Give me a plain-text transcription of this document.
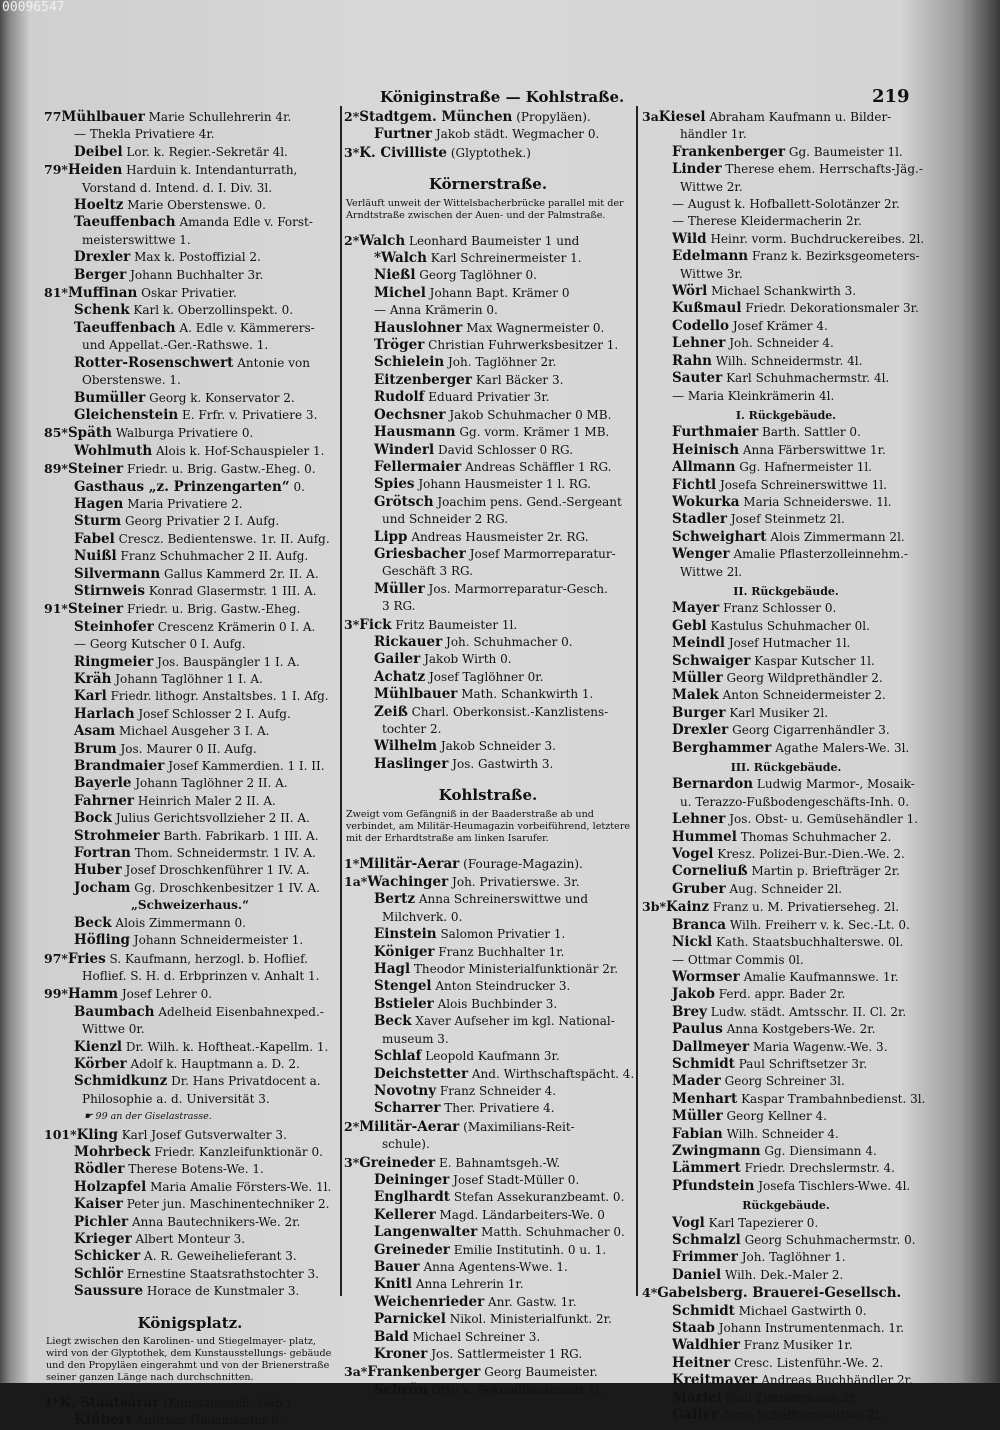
00096547
Königinstraße — Kohlstraße.	219
77Mühlbauer Marie Schullehrerin 4r.
— Thekla Privatiere 4r.
Deibel Lor. k. Regier.-Sekretär 4l.
79*Heiden Harduin k. Intendanturrath,
Vorstand d. Intend. d. I. Div. 3l.
Hoeltz Marie Oberstenswe. 0.
Taeuffenbach Amanda Edle v. Forst-
meisterswittwe 1.
Drexler Max k. Postoffizial 2.
Berger Johann Buchhalter 3r.
81*Muffinan Oskar Privatier.
Schenk Karl k. Oberzollinspekt. 0.
Taeuffenbach A. Edle v. Kämmerers-
und Appellat.-Ger.-Rathswe. 1.
Rotter-Rosenschwert Antonie von
Oberstenswe. 1.
Bumüller Georg k. Konservator 2.
Gleichenstein E. Frfr. v. Privatiere 3.
85*Späth Walburga Privatiere 0.
Wohlmuth Alois k. Hof-Schauspieler 1.
89*Steiner Friedr. u. Brig. Gastw.-Eheg. 0.
Gasthaus „z. Prinzengarten“ 0.
Hagen Maria Privatiere 2.
Sturm Georg Privatier 2 I. Aufg.
Fabel Crescz. Bedientenswe. 1r. II. Aufg.
Nuißl Franz Schuhmacher 2 II. Aufg.
Silvermann Gallus Kammerd 2r. II. A.
Stirnweis Konrad Glasermstr. 1 III. A.
91*Steiner Friedr. u. Brig. Gastw.-Eheg.
Steinhofer Crescenz Krämerin 0 I. A.
— Georg Kutscher 0 I. Aufg.
Ringmeier Jos. Bauspängler 1 I. A.
Kräh Johann Taglöhner 1 I. A.
Karl Friedr. lithogr. Anstaltsbes. 1 I. Afg.
Harlach Josef Schlosser 2 I. Aufg.
Asam Michael Ausgeher 3 I. A.
Brum Jos. Maurer 0 II. Aufg.
Brandmaier Josef Kammerdien. 1 I. II.
Bayerle Johann Taglöhner 2 II. A.
Fahrner Heinrich Maler 2 II. A.
Bock Julius Gerichtsvollzieher 2 II. A.
Strohmeier Barth. Fabrikarb. 1 III. A.
Fortran Thom. Schneidermstr. 1 IV. A.
Huber Josef Droschkenführer 1 IV. A.
Jocham Gg. Droschkenbesitzer 1 IV. A.
„Schweizerhaus.“
Beck Alois Zimmermann 0.
Höfling Johann Schneidermeister 1.
97*Fries S. Kaufmann, herzogl. b. Hoflief.
Hoflief. S. H. d. Erbprinzen v. Anhalt 1.
99*Hamm Josef Lehrer 0.
Baumbach Adelheid Eisenbahnexped.-
Wittwe 0r.
Kienzl Dr. Wilh. k. Hoftheat.-Kapellm. 1.
Körber Adolf k. Hauptmann a. D. 2.
Schmidkunz Dr. Hans Privatdocent a.
Philosophie a. d. Universität 3.
☛ 99 an der Giselastrasse.
101*Kling Karl Josef Gutsverwalter 3.
Mohrbeck Friedr. Kanzleifunktionär 0.
Rödler Therese Botens-We. 1.
Holzapfel Maria Amalie Försters-We. 1l.
Kaiser Peter jun. Maschinentechniker 2.
Pichler Anna Bautechnikers-We. 2r.
Krieger Albert Monteur 3.
Schicker A. R. Geweihelieferant 3.
Schlör Ernestine Staatsrathstochter 3.
Saussure Horace de Kunstmaler 3.
Königsplatz.
Liegt zwischen den Karolinen- und Stiegelmayer- platz, wird von der Glyptothek, dem Kunstausstellungs- gebäude und den Propyläen eingerahmt und von der Brienerstraße seiner ganzen Länge nach durchschnitten.
1*K. Staatsärar (Kunstausstell.-Geb.)
Klübert Andreas Hausmeister 0.
2*Stadtgem. München (Propyläen).
Furtner Jakob städt. Wegmacher 0.
3*K. Civilliste (Glyptothek.)
Körnerstraße.
Verläuft unweit der Wittelsbacherbrücke parallel mit der Arndtstraße zwischen der Auen- und der Palmstraße.
2*Walch Leonhard Baumeister 1 und
*Walch Karl Schreinermeister 1.
Nießl Georg Taglöhner 0.
Michel Johann Bapt. Krämer 0
— Anna Krämerin 0.
Hauslohner Max Wagnermeister 0.
Tröger Christian Fuhrwerksbesitzer 1.
Schielein Joh. Taglöhner 2r.
Eitzenberger Karl Bäcker 3.
Rudolf Eduard Privatier 3r.
Oechsner Jakob Schuhmacher 0 MB.
Hausmann Gg. vorm. Krämer 1 MB.
Winderl David Schlosser 0 RG.
Fellermaier Andreas Schäffler 1 RG.
Spies Johann Hausmeister 1 l. RG.
Grötsch Joachim pens. Gend.-Sergeant
und Schneider 2 RG.
Lipp Andreas Hausmeister 2r. RG.
Griesbacher Josef Marmorreparatur-
Geschäft 3 RG.
Müller Jos. Marmorreparatur-Gesch.
3 RG.
3*Fick Fritz Baumeister 1l.
Rickauer Joh. Schuhmacher 0.
Gailer Jakob Wirth 0.
Achatz Josef Taglöhner 0r.
Mühlbauer Math. Schankwirth 1.
Zeiß Charl. Oberkonsist.-Kanzlistens-
tochter 2.
Wilhelm Jakob Schneider 3.
Haslinger Jos. Gastwirth 3.
Kohlstraße.
Zweigt vom Gefängniß in der Baaderstraße ab und verbindet, am Militär-Heumagazin vorbeiführend, letztere mit der Erhardtstraße am linken Isarufer.
1*Militär-Aerar (Fourage-Magazin).
1a*Wachinger Joh. Privatierswe. 3r.
Bertz Anna Schreinerswittwe und
Milchverk. 0.
Einstein Salomon Privatier 1.
Königer Franz Buchhalter 1r.
Hagl Theodor Ministerialfunktionär 2r.
Stengel Anton Steindrucker 3.
Bstieler Alois Buchbinder 3.
Beck Xaver Aufseher im kgl. National-
museum 3.
Schlaf Leopold Kaufmann 3r.
Deichstetter And. Wirthschaftspächt. 4.
Novotny Franz Schneider 4.
Scharrer Ther. Privatiere 4.
2*Militär-Aerar (Maximilians-Reit-
schule).
3*Greineder E. Bahnamtsgeh.-W.
Deininger Josef Stadt-Müller 0.
Englhardt Stefan Assekuranzbeamt. 0.
Kellerer Magd. Ländarbeiters-We. 0
Langenwalter Matth. Schuhmacher 0.
Greineder Emilie Institutinh. 0 u. 1.
Bauer Anna Agentens-Wwe. 1.
Knitl Anna Lehrerin 1r.
Weichenrieder Anr. Gastw. 1r.
Parnickel Nikol. Ministerialfunkt. 2r.
Bald Michael Schreiner 3.
Kroner Jos. Sattlermeister 1 RG.
3a*Frankenberger Georg Baumeister.
Schrön Otto k. Sekondlieutenant 1l.
3aKiesel Abraham Kaufmann u. Bilder-
händler 1r.
Frankenberger Gg. Baumeister 1l.
Linder Therese ehem. Herrschafts-Jäg.-
Wittwe 2r.
— August k. Hofballett-Solotänzer 2r.
— Therese Kleidermacherin 2r.
Wild Heinr. vorm. Buchdruckereibes. 2l.
Edelmann Franz k. Bezirksgeometers-
Wittwe 3r.
Wörl Michael Schankwirth 3.
Kußmaul Friedr. Dekorationsmaler 3r.
Codello Josef Krämer 4.
Lehner Joh. Schneider 4.
Rahn Wilh. Schneidermstr. 4l.
Sauter Karl Schuhmachermstr. 4l.
— Maria Kleinkrämerin 4l.
I. Rückgebäude.
Furthmaier Barth. Sattler 0.
Heinisch Anna Färberswittwe 1r.
Allmann Gg. Hafnermeister 1l.
Fichtl Josefa Schreinerswittwe 1l.
Wokurka Maria Schneiderswe. 1l.
Stadler Josef Steinmetz 2l.
Schweighart Alois Zimmermann 2l.
Wenger Amalie Pflasterzolleinnehm.-
Wittwe 2l.
II. Rückgebäude.
Mayer Franz Schlosser 0.
Gebl Kastulus Schuhmacher 0l.
Meindl Josef Hutmacher 1l.
Schwaiger Kaspar Kutscher 1l.
Müller Georg Wildprethändler 2.
Malek Anton Schneidermeister 2.
Burger Karl Musiker 2l.
Drexler Georg Cigarrenhändler 3.
Berghammer Agathe Malers-We. 3l.
III. Rückgebäude.
Bernardon Ludwig Marmor-, Mosaik-
u. Terazzo-Fußbodengeschäfts-Inh. 0.
Lehner Jos. Obst- u. Gemüsehändler 1.
Hummel Thomas Schuhmacher 2.
Vogel Kresz. Polizei-Bur.-Dien.-We. 2.
Corneliuß Martin p. Briefträger 2r.
Gruber Aug. Schneider 2l.
3b*Kainz Franz u. M. Privatierseheg. 2l.
Branca Wilh. Freiherr v. k. Sec.-Lt. 0.
Nickl Kath. Staatsbuchhalterswe. 0l.
— Ottmar Commis 0l.
Wormser Amalie Kaufmannswe. 1r.
Jakob Ferd. appr. Bader 2r.
Brey Ludw. städt. Amtsschr. II. Cl. 2r.
Paulus Anna Kostgebers-We. 2r.
Dallmeyer Maria Wagenw.-We. 3.
Schmidt Paul Schriftsetzer 3r.
Mader Georg Schreiner 3l.
Menhart Kaspar Trambahnbedienst. 3l.
Müller Georg Kellner 4.
Fabian Wilh. Schneider 4.
Zwingmann Gg. Diensimann 4.
Lämmert Friedr. Drechslermstr. 4.
Pfundstein Josefa Tischlers-Wwe. 4l.
Rückgebäude.
Vogl Karl Tapezierer 0.
Schmalzl Georg Schuhmachermstr. 0.
Frimmer Joh. Taglöhner 1.
Daniel Wilh. Dek.-Maler 2.
4*Gabelsberg. Brauerei-Gesellsch.
Schmidt Michael Gastwirth 0.
Staab Johann Instrumentenmach. 1r.
Waldhier Franz Musiker 1r.
Heitner Cresc. Listenführ.-We. 2.
Kreitmayer Andreas Buchhändler 2r.
Mariel Paul Zimmermann 2r.
Galler Anna Schaffnerswittwe 2l.
